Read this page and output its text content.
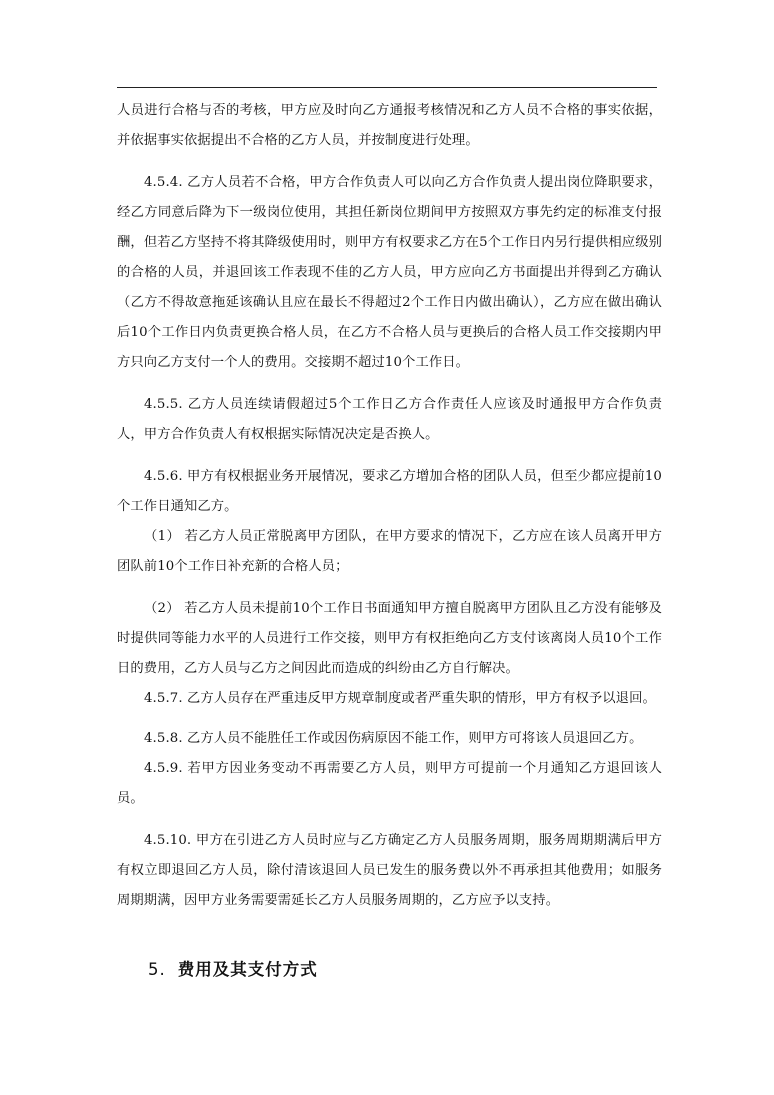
人员进行合格与否的考核，甲方应及时向乙方通报考核情况和乙方人员不合格的事实依据，并依据事实依据提出不合格的乙方人员，并按制度进行处理。

4.5.4. 乙方人员若不合格，甲方合作负责人可以向乙方合作负责人提出岗位降职要求，经乙方同意后降为下一级岗位使用，其担任新岗位期间甲方按照双方事先约定的标准支付报酬，但若乙方坚持不将其降级使用时，则甲方有权要求乙方在5个工作日内另行提供相应级别的合格的人员，并退回该工作表现不佳的乙方人员，甲方应向乙方书面提出并得到乙方确认（乙方不得故意拖延该确认且应在最长不得超过2个工作日内做出确认），乙方应在做出确认后10个工作日内负责更换合格人员，在乙方不合格人员与更换后的合格人员工作交接期内甲方只向乙方支付一个人的费用。交接期不超过10个工作日。

4.5.5. 乙方人员连续请假超过5个工作日乙方合作责任人应该及时通报甲方合作负责人，甲方合作负责人有权根据实际情况决定是否换人。

4.5.6. 甲方有权根据业务开展情况，要求乙方增加合格的团队人员，但至少都应提前10个工作日通知乙方。

（1） 若乙方人员正常脱离甲方团队，在甲方要求的情况下，乙方应在该人员离开甲方团队前10个工作日补充新的合格人员；

（2） 若乙方人员未提前10个工作日书面通知甲方擅自脱离甲方团队且乙方没有能够及时提供同等能力水平的人员进行工作交接，则甲方有权拒绝向乙方支付该离岗人员10个工作日的费用，乙方人员与乙方之间因此而造成的纠纷由乙方自行解决。

4.5.7. 乙方人员存在严重违反甲方规章制度或者严重失职的情形，甲方有权予以退回。

4.5.8. 乙方人员不能胜任工作或因伤病原因不能工作，则甲方可将该人员退回乙方。

4.5.9. 若甲方因业务变动不再需要乙方人员，则甲方可提前一个月通知乙方退回该人员。

4.5.10. 甲方在引进乙方人员时应与乙方确定乙方人员服务周期，服务周期期满后甲方有权立即退回乙方人员，除付清该退回人员已发生的服务费以外不再承担其他费用；如服务周期期满，因甲方业务需要需延长乙方人员服务周期的，乙方应予以支持。

5. 费用及其支付方式
